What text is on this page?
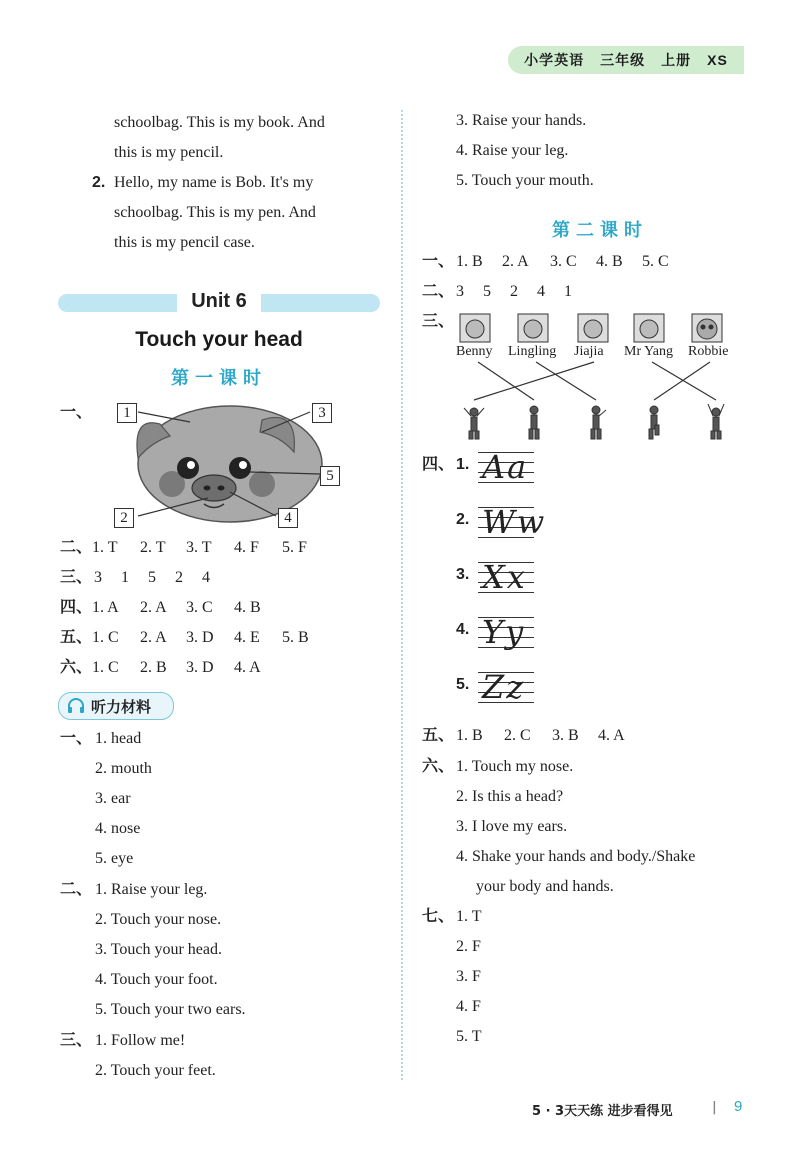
小学英语 三年级 上册 XS
schoolbag. This is my book. And
this is my pencil.
2. Hello, my name is Bob. It's my
schoolbag. This is my pen. And
this is my pencil case.
Unit 6
Touch your head
第一课时
一、	1	3
5
2	4
二、 1. T 2. T 3. T 4. F 5. F
三、 3 1 5 2 4
四、 1. A 2. A 3. C 4. B
五、 1. C 2. A 3. D 4. E 5. B
六、 1. C 2. B 3. D 4. A
听力材料
一、 1. head
2. mouth
3. ear
4. nose
5. eye
二、 1. Raise your leg.
2. Touch your nose.
3. Touch your head.
4. Touch your foot.
5. Touch your two ears.
三、 1. Follow me!
2. Touch your feet.
3. Raise your hands.
4. Raise your leg.
5. Touch your mouth.
第二课时
一、 1. B 2. A 3. C 4. B 5. C
二、 3 5 2 4 1
三、
Benny Lingling Jiajia Mr Yang Robbie
四、 1. Aa
2. Ww
3. Xx
4. Yy
5. Zz
五、 1. B 2. C 3. B 4. A
六、 1. Touch my nose.
2. Is this a head?
3. I love my ears.
4. Shake your hands and body./Shake
your body and hands.
七、 1. T
2. F
3. F
4. F
5. T
5 · 3天天练 进步看得见	| 9
